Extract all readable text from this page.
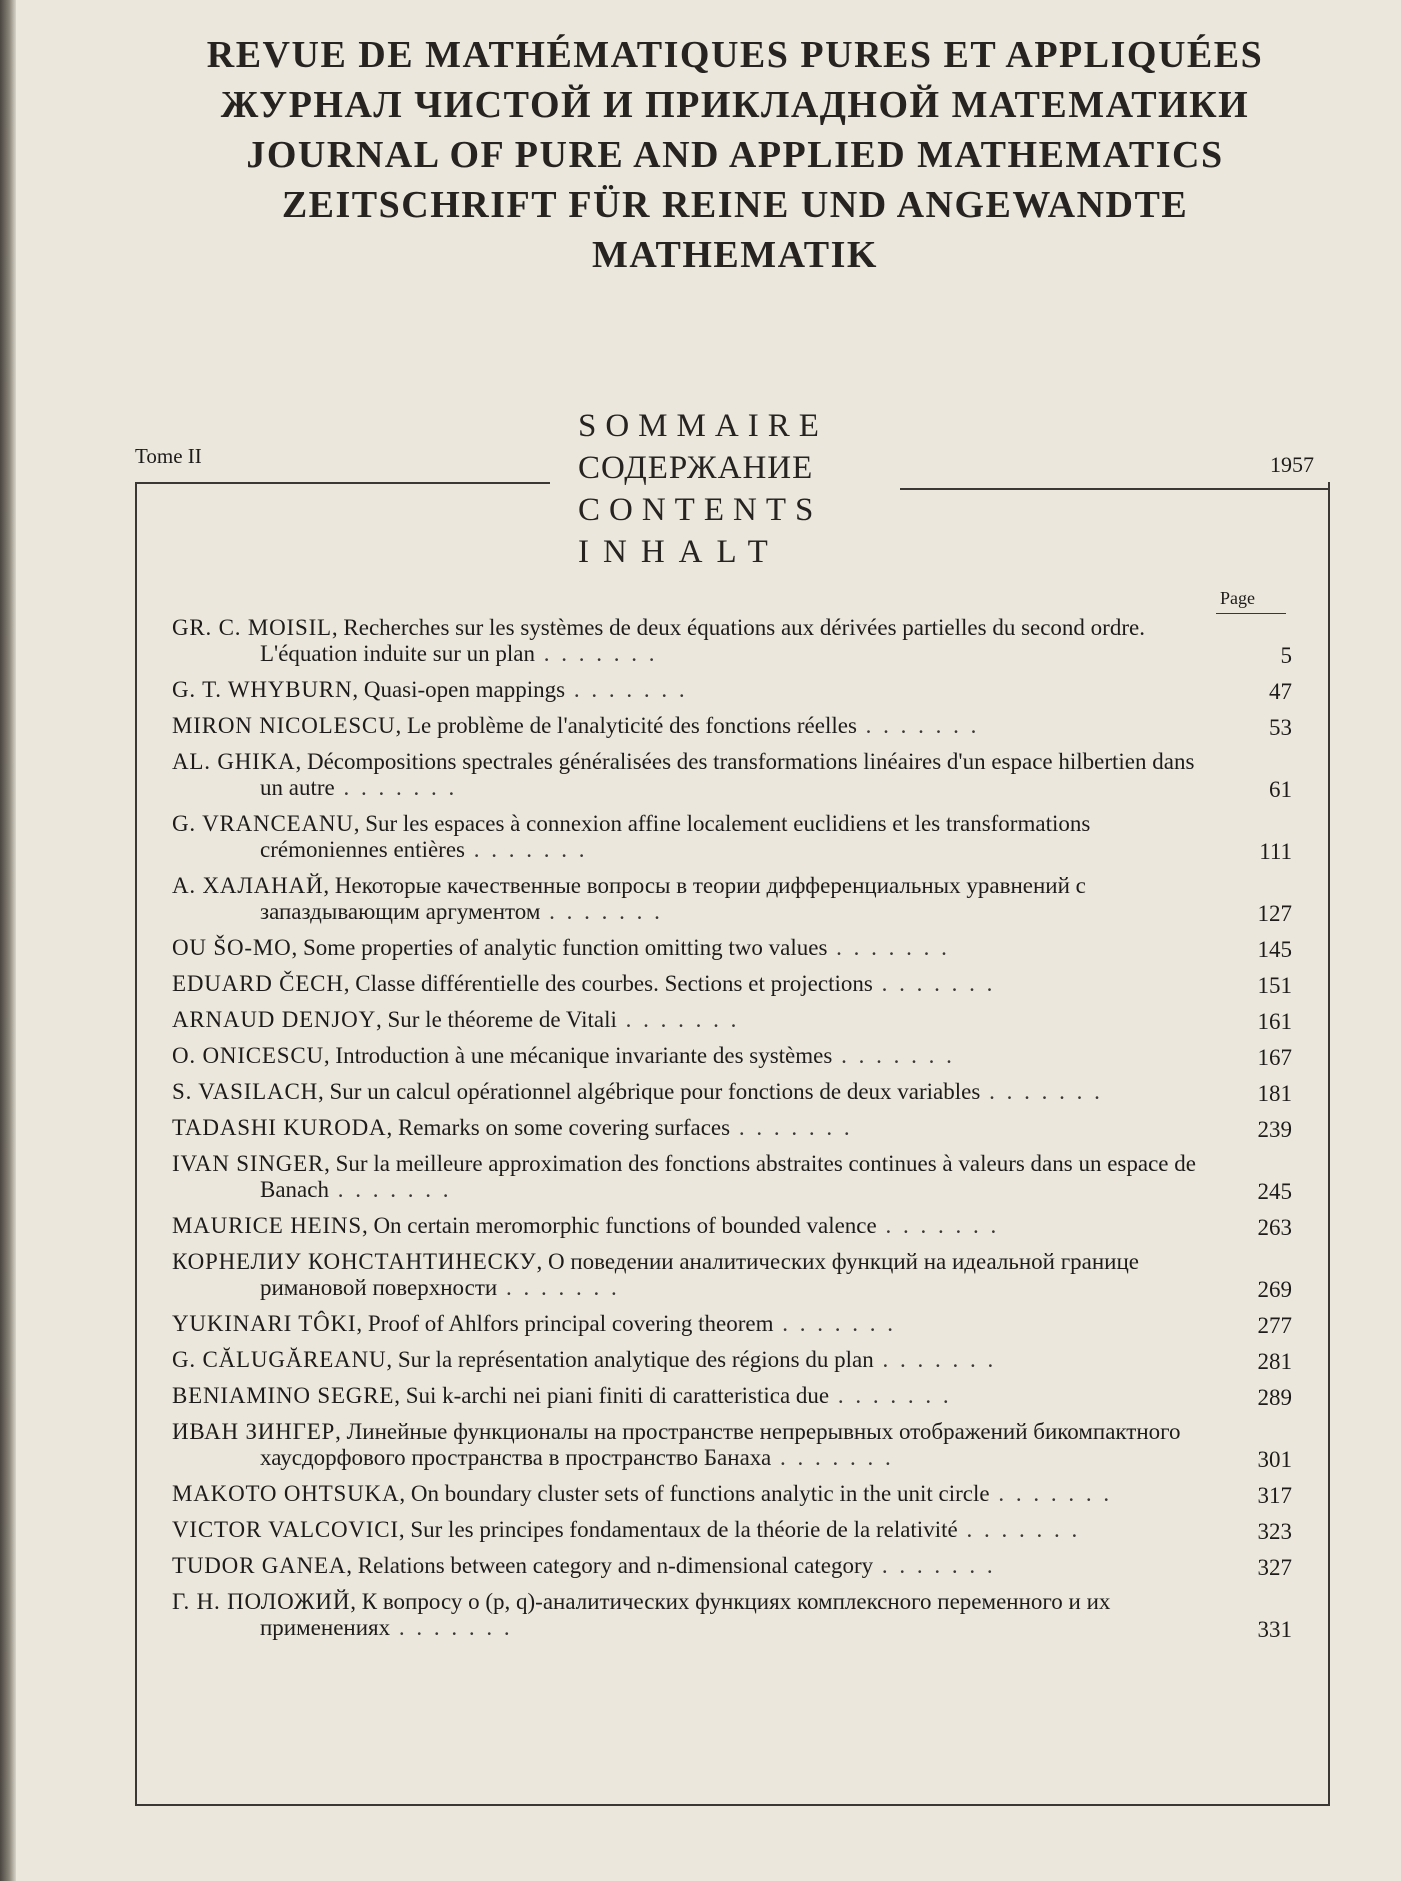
REVUE DE MATHÉMATIQUES PURES ET APPLIQUÉES
ЖУРНАЛ ЧИСТОЙ И ПРИКЛАДНОЙ МАТЕМАТИКИ
JOURNAL OF PURE AND APPLIED MATHEMATICS
ZEITSCHRIFT FÜR REINE UND ANGEWANDTE
MATHEMATIK
Tome II	1957
SOMMAIRE
СОДЕРЖАНИЕ
CONTENTS
INHALT
Page
GR. C. MOISIL, Recherches sur les systèmes de deux équations aux dérivées partielles du second ordre. L'équation induite sur un plan . . . . . . .	5
G. T. WHYBURN, Quasi-open mappings . . . . . . .	47
MIRON NICOLESCU, Le problème de l'analyticité des fonctions réelles . . . . . . .	53
AL. GHIKA, Décompositions spectrales généralisées des transformations linéaires d'un espace hilbertien dans un autre . . . . . . .	61
G. VRANCEANU, Sur les espaces à connexion affine localement euclidiens et les transformations crémoniennes entières . . . . . . .	111
А. ХАЛАНАЙ, Некоторые качественные вопросы в теории дифференциальных уравнений с запаздывающим аргументом . . . . . . .	127
OU ŠO-MO, Some properties of analytic function omitting two values . . . . . . .	145
EDUARD ČECH, Classe différentielle des courbes. Sections et projections . . . . . . .	151
ARNAUD DENJOY, Sur le théoreme de Vitali . . . . . . .	161
O. ONICESCU, Introduction à une mécanique invariante des systèmes . . . . . . .	167
S. VASILACH, Sur un calcul opérationnel algébrique pour fonctions de deux variables . . . . . . .	181
TADASHI KURODA, Remarks on some covering surfaces . . . . . . .	239
IVAN SINGER, Sur la meilleure approximation des fonctions abstraites continues à valeurs dans un espace de Banach . . . . . . .	245
MAURICE HEINS, On certain meromorphic functions of bounded valence . . . . . . .	263
КОРНЕЛИУ КОНСТАНТИНЕСКУ, О поведении аналитических функций на идеальной границе римановой поверхности . . . . . . .	269
YUKINARI TÔKI, Proof of Ahlfors principal covering theorem . . . . . . .	277
G. CĂLUGĂREANU, Sur la représentation analytique des régions du plan . . . . . . .	281
BENIAMINO SEGRE, Sui k-archi nei piani finiti di caratteristica due . . . . . . .	289
ИВАН ЗИНГЕР, Линейные функционалы на пространстве непрерывных отображений бикомпактного хаусдорфового пространства в пространство Банаха . . . . . . .	301
MAKOTO OHTSUKA, On boundary cluster sets of functions analytic in the unit circle . . . . . . .	317
VICTOR VALCOVICI, Sur les principes fondamentaux de la théorie de la relativité . . . . . . .	323
TUDOR GANEA, Relations between category and n-dimensional category . . . . . . .	327
Г. Н. ПОЛОЖИЙ, К вопросу о (p, q)-аналитических функциях комплексного переменного и их применениях . . . . . . .	331
